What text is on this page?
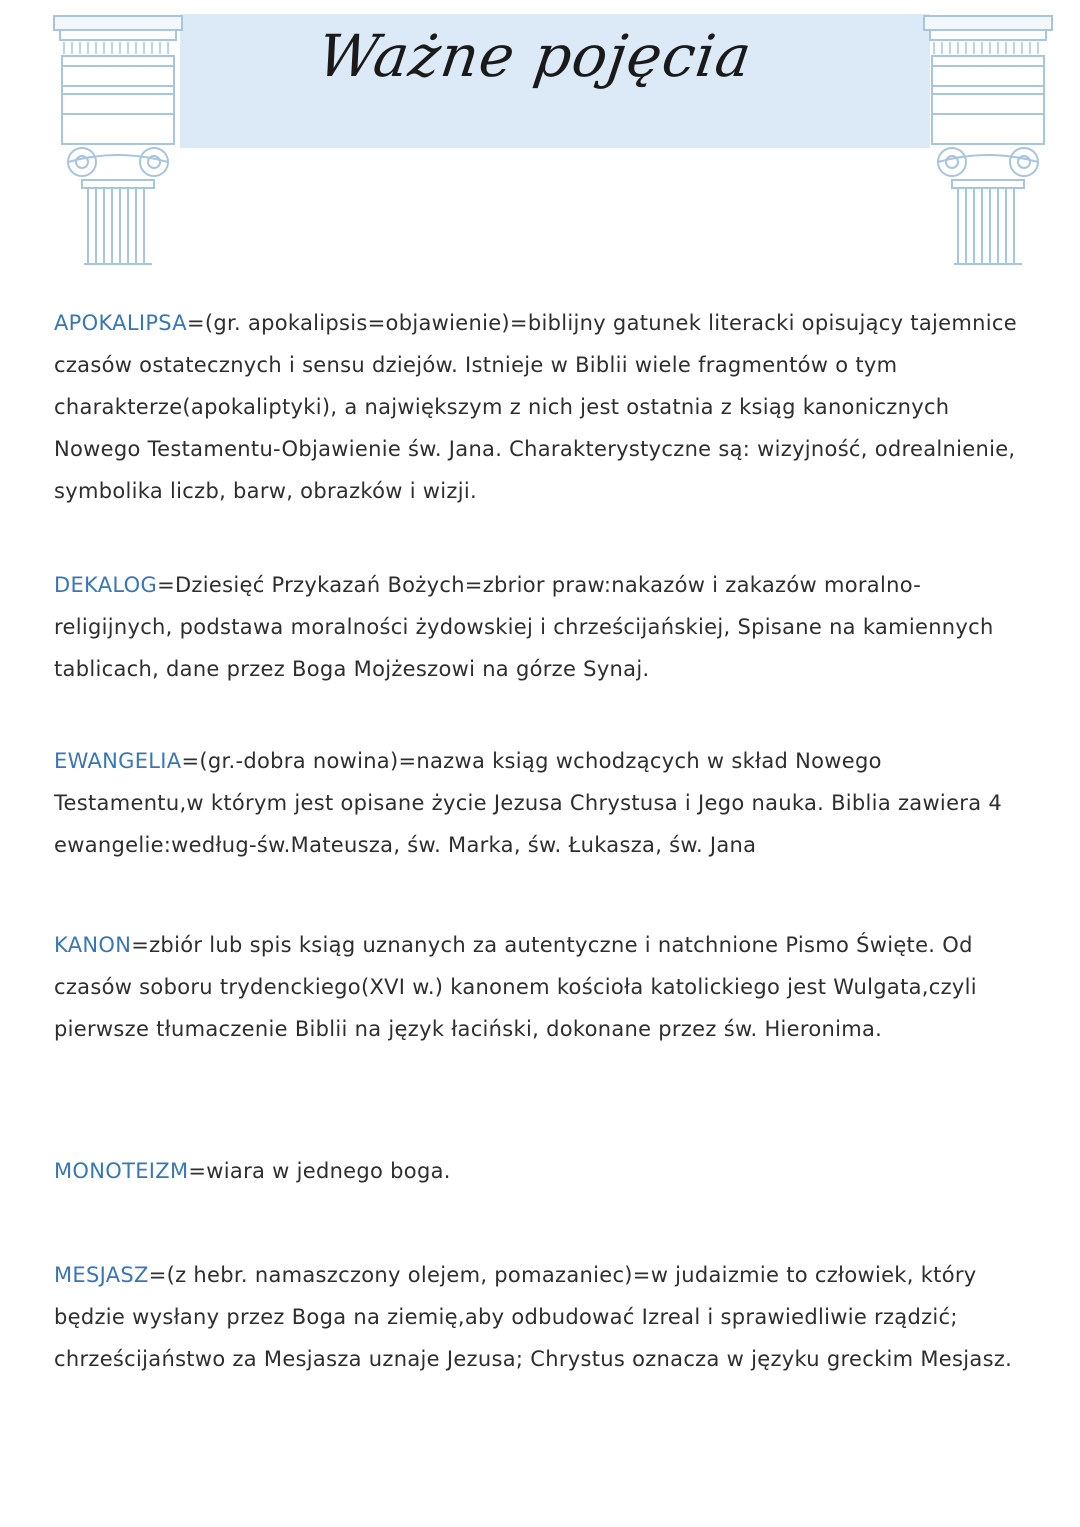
Ważne pojęcia

APOKALIPSA=(gr. apokalipsis=objawienie)=biblijny gatunek literacki opisujący tajemnice czasów ostatecznych i sensu dziejów. Istnieje w Biblii wiele fragmentów o tym charakterze(apokaliptyki), a największym z nich jest ostatnia z ksiąg kanonicznych Nowego Testamentu-Objawienie św. Jana. Charakterystyczne są: wizyjność, odrealnienie, symbolika liczb, barw, obrazków i wizji.

DEKALOG=Dziesięć Przykazań Bożych=zbrior praw:nakazów i zakazów moralno-religijnych, podstawa moralności żydowskiej i chrześcijańskiej, Spisane na kamiennych tablicach, dane przez Boga Mojżeszowi na górze Synaj.

EWANGELIA=(gr.-dobra nowina)=nazwa ksiąg wchodzących w skład Nowego Testamentu,w którym jest opisane życie Jezusa Chrystusa i Jego nauka. Biblia zawiera 4 ewangelie:według-św.Mateusza, św. Marka, św. Łukasza, św. Jana

KANON=zbiór lub spis ksiąg uznanych za autentyczne i natchnione Pismo Święte. Od czasów soboru trydenckiego(XVI w.) kanonem kościoła katolickiego jest Wulgata,czyli pierwsze tłumaczenie Biblii na język łaciński, dokonane przez św. Hieronima.

MONOTEIZM=wiara w jednego boga.

MESJASZ=(z hebr. namaszczony olejem, pomazaniec)=w judaizmie to człowiek, który będzie wysłany przez Boga na ziemię,aby odbudować Izreal i sprawiedliwie rządzić; chrześcijaństwo za Mesjasza uznaje Jezusa; Chrystus oznacza w języku greckim Mesjasz.
